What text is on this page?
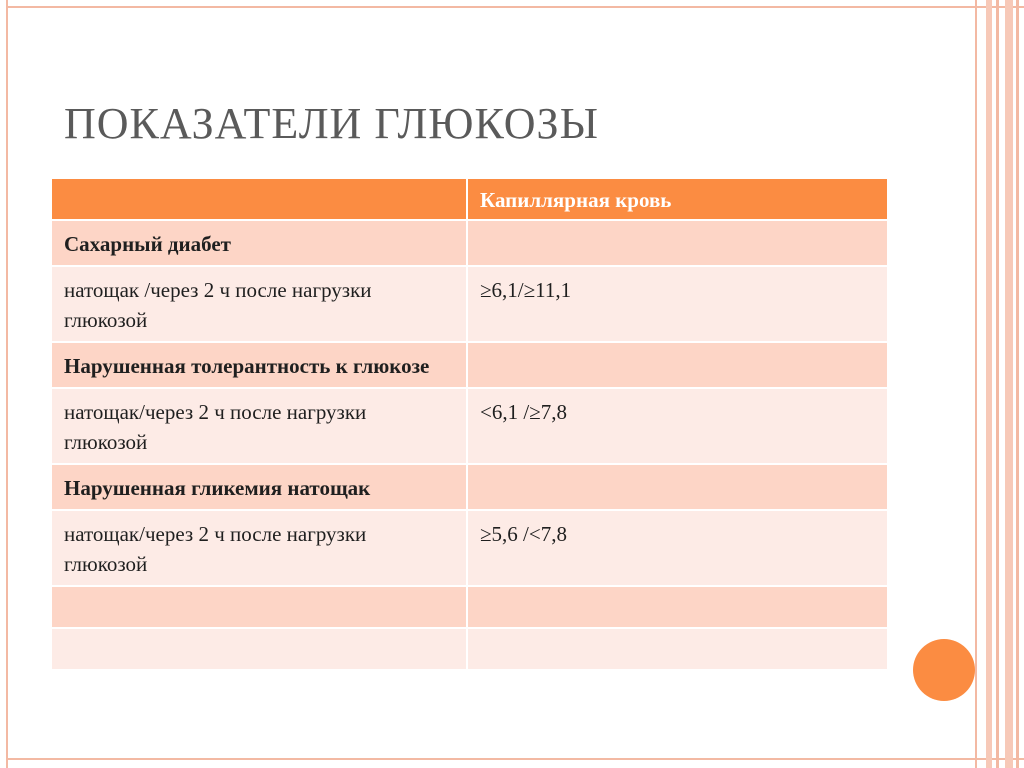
ПОКАЗАТЕЛИ ГЛЮКОЗЫ
	Капиллярная кровь
Сахарный диабет	
натощак /через 2 ч после нагрузки глюкозой	≥6,1/≥11,1
Нарушенная толерантность к глюкозе	
натощак/через 2 ч после нагрузки глюкозой	<6,1 /≥7,8
Нарушенная гликемия натощак	
натощак/через 2 ч после нагрузки глюкозой	≥5,6 /<7,8
